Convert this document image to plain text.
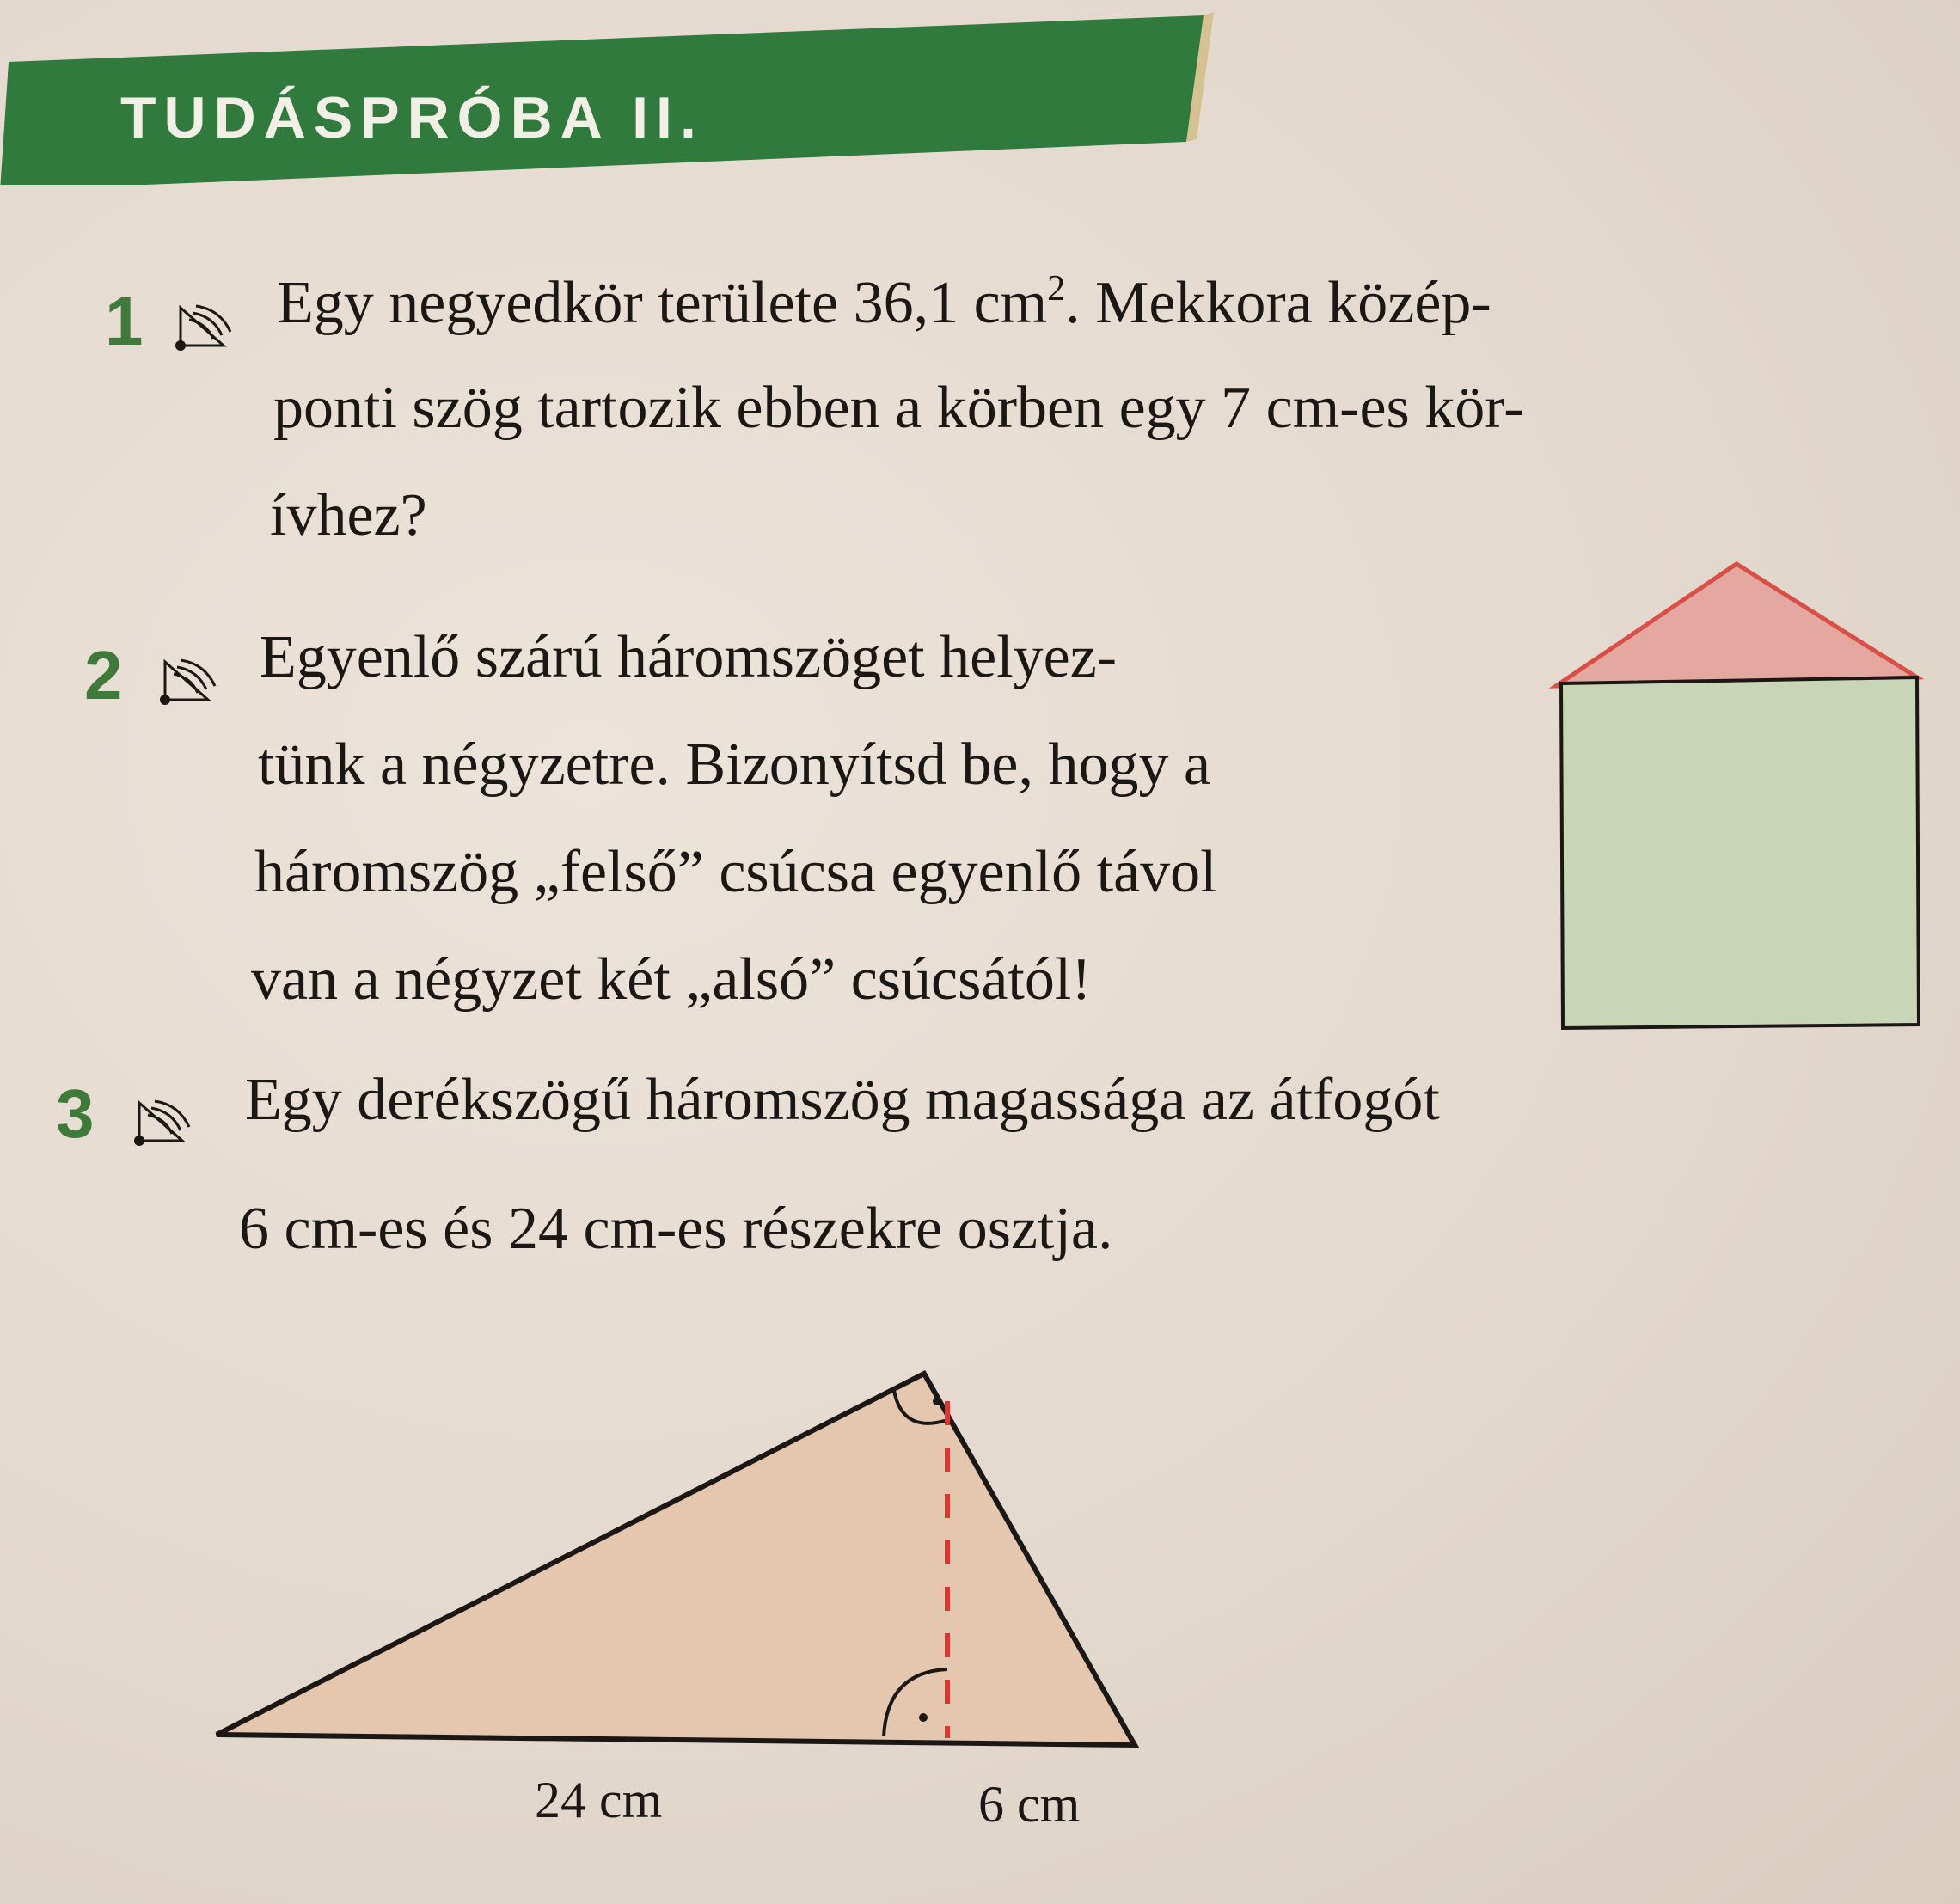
TUDÁSPRÓBA II.
1 Egy negyedkör területe 36,1 $cm^2$. Mekkora közép-
ponti szög tartozik ebben a körben egy 7 cm-es kör-
ívhez?
2 Egyenlő szárú háromszöget helyez-
tünk a négyzetre. Bizonyítsd be, hogy a
háromszög „felső” csúcsa egyenlő távol
van a négyzet két „alsó” csúcsától!
3	Egy derékszögű háromszög magassága az átfogót
6 cm-es és 24 cm-es részekre osztja.
24 cm	6 cm
